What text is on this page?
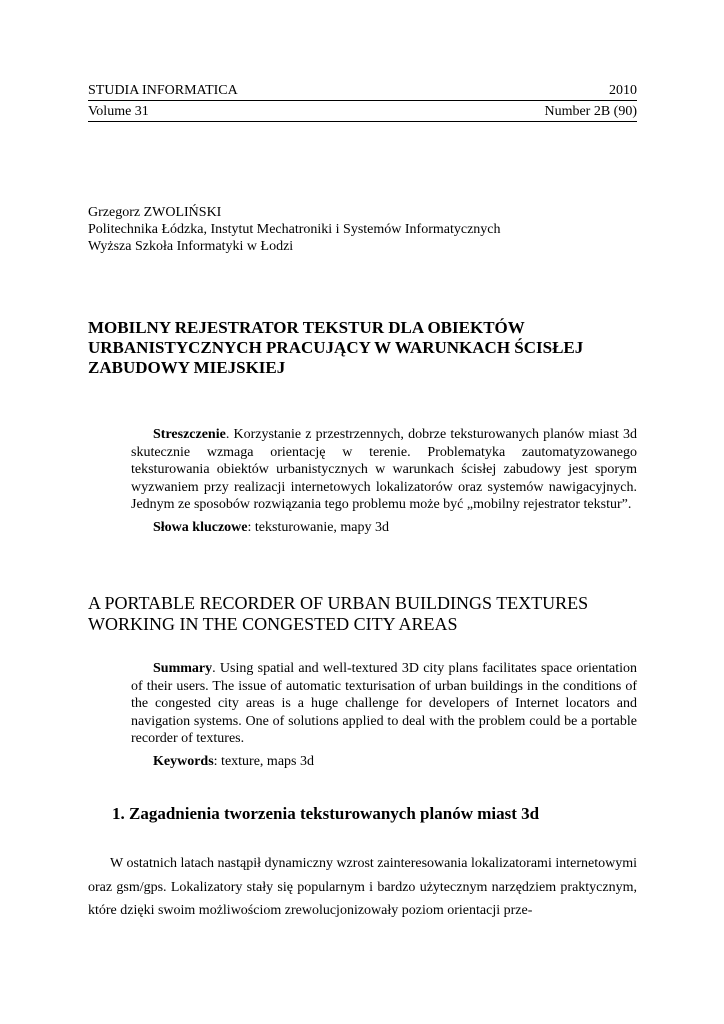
STUDIA INFORMATICA	2010
Volume 31	Number 2B (90)
Grzegorz ZWOLIŃSKI
Politechnika Łódzka, Instytut Mechatroniki i Systemów Informatycznych
Wyższa Szkoła Informatyki w Łodzi
MOBILNY REJESTRATOR TEKSTUR DLA OBIEKTÓW
URBANISTYCZNYCH PRACUJĄCY W WARUNKACH ŚCISŁEJ
ZABUDOWY MIEJSKIEJ

Streszczenie. Korzystanie z przestrzennych, dobrze teksturowanych planów miast 3d skutecznie wzmaga orientację w terenie. Problematyka zautomatyzowanego teksturowania obiektów urbanistycznych w warunkach ścisłej zabudowy jest sporym wyzwaniem przy realizacji internetowych lokalizatorów oraz systemów nawigacyjnych. Jednym ze sposobów rozwiązania tego problemu może być „mobilny rejestrator tekstur”.

Słowa kluczowe: teksturowanie, mapy 3d

A PORTABLE RECORDER OF URBAN BUILDINGS TEXTURES
WORKING IN THE CONGESTED CITY AREAS

Summary. Using spatial and well-textured 3D city plans facilitates space orientation of their users. The issue of automatic texturisation of urban buildings in the conditions of the congested city areas is a huge challenge for developers of Internet locators and navigation systems. One of solutions applied to deal with the problem could be a portable recorder of textures.

Keywords: texture, maps 3d

1. Zagadnienia tworzenia teksturowanych planów miast 3d

W ostatnich latach nastąpił dynamiczny wzrost zainteresowania lokalizatorami internetowymi oraz gsm/gps. Lokalizatory stały się popularnym i bardzo użytecznym narzędziem praktycznym, które dzięki swoim możliwościom zrewolucjonizowały poziom orientacji prze-
